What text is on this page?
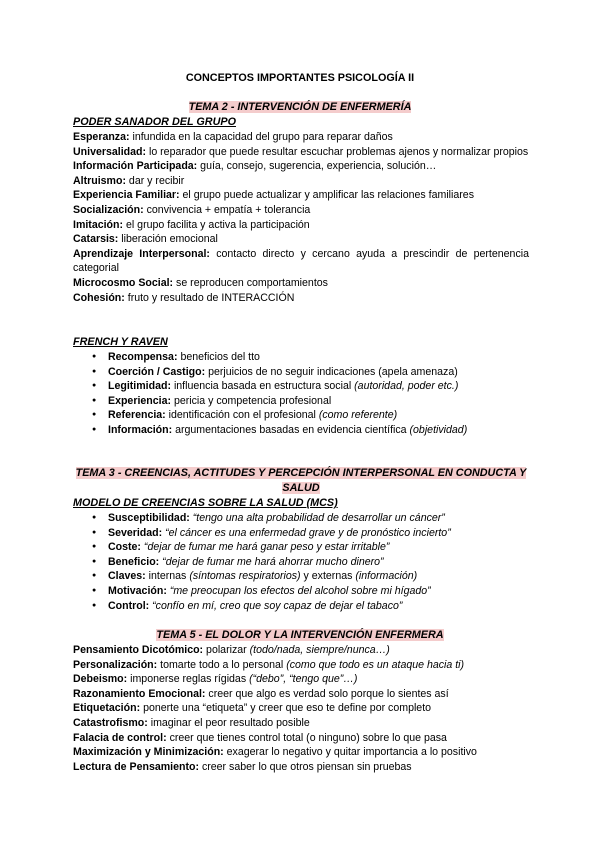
CONCEPTOS IMPORTANTES PSICOLOGÍA II
TEMA 2 - INTERVENCIÓN DE ENFERMERÍA
PODER SANADOR DEL GRUPO

Esperanza: infundida en la capacidad del grupo para reparar daños

Universalidad: lo reparador que puede resultar escuchar problemas ajenos y normalizar propios

Información Participada: guía, consejo, sugerencia, experiencia, solución…

Altruismo: dar y recibir

Experiencia Familiar: el grupo puede actualizar y amplificar las relaciones familiares

Socialización: convivencia + empatía + tolerancia

Imitación: el grupo facilita y activa la participación

Catarsis: liberación emocional

Aprendizaje Interpersonal: contacto directo y cercano ayuda a prescindir de pertenencia categorial

Microcosmo Social: se reproducen comportamientos

Cohesión: fruto y resultado de INTERACCIÓN

FRENCH Y RAVEN
● Recompensa: beneficios del tto
● Coerción / Castigo: perjuicios de no seguir indicaciones (apela amenaza)
● Legitimidad: influencia basada en estructura social (autoridad, poder etc.)
● Experiencia: pericia y competencia profesional
● Referencia: identificación con el profesional (como referente)
● Información: argumentaciones basadas en evidencia científica (objetividad)
TEMA 3 - CREENCIAS, ACTITUDES Y PERCEPCIÓN INTERPERSONAL EN CONDUCTA Y SALUD
MODELO DE CREENCIAS SOBRE LA SALUD (MCS)
● Susceptibilidad: “tengo una alta probabilidad de desarrollar un cáncer”
● Severidad: “el cáncer es una enfermedad grave y de pronóstico incierto”
● Coste: “dejar de fumar me hará ganar peso y estar irritable”
● Beneficio: “dejar de fumar me hará ahorrar mucho dinero”
● Claves: internas (síntomas respiratorios) y externas (información)
● Motivación: “me preocupan los efectos del alcohol sobre mi hígado”
● Control: “confío en mí, creo que soy capaz de dejar el tabaco”
TEMA 5 - EL DOLOR Y LA INTERVENCIÓN ENFERMERA

Pensamiento Dicotómico: polarizar (todo/nada, siempre/nunca…)

Personalización: tomarte todo a lo personal (como que todo es un ataque hacia ti)

Debeismo: imponerse reglas rígidas (“debo”, “tengo que”…)

Razonamiento Emocional: creer que algo es verdad solo porque lo sientes así

Etiquetación: ponerte una “etiqueta” y creer que eso te define por completo

Catastrofismo: imaginar el peor resultado posible

Falacia de control: creer que tienes control total (o ninguno) sobre lo que pasa

Maximización y Minimización: exagerar lo negativo y quitar importancia a lo positivo

Lectura de Pensamiento: creer saber lo que otros piensan sin pruebas
